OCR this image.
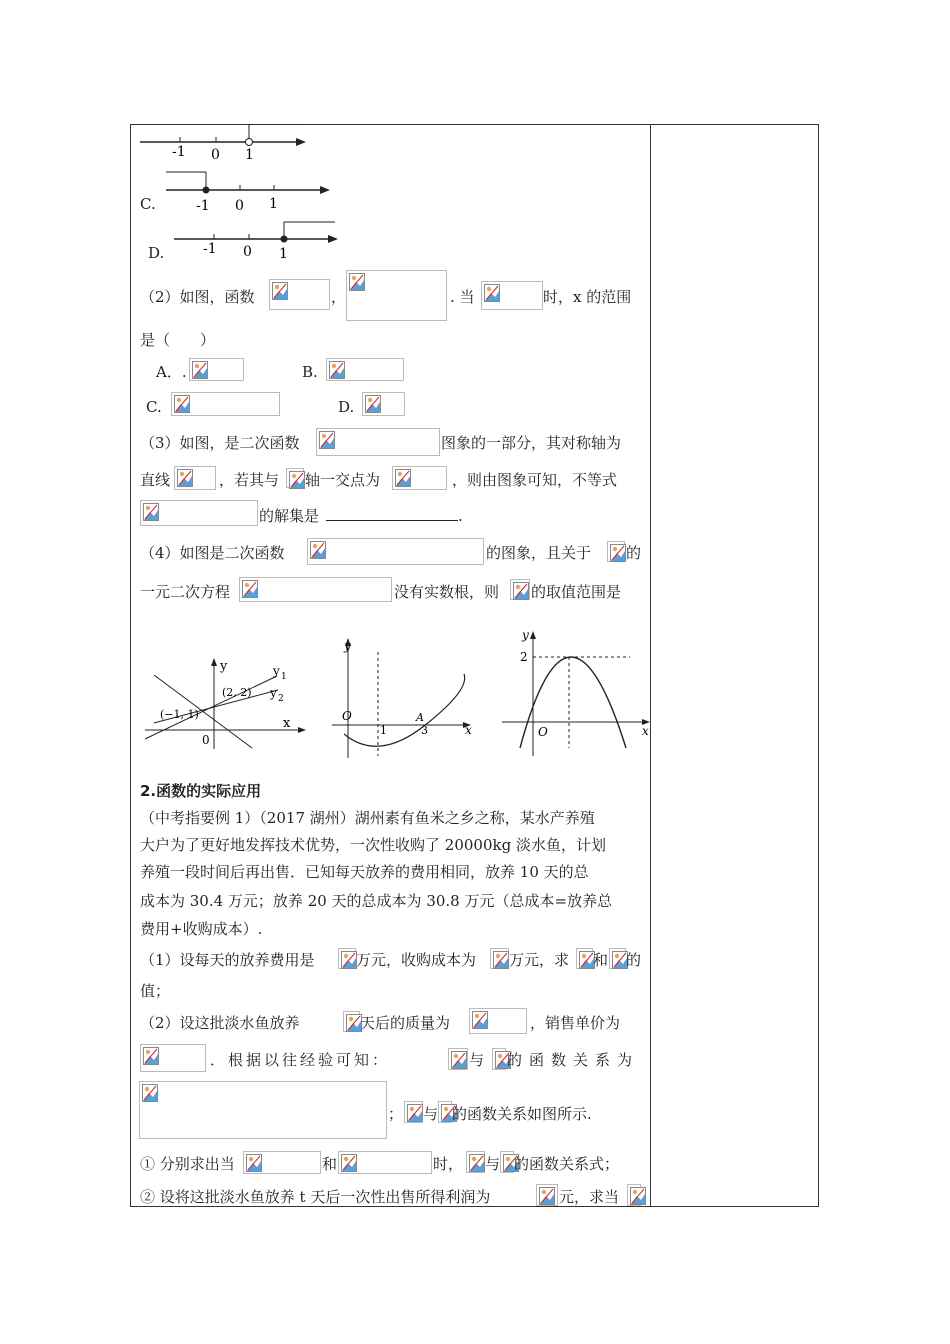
-1 0 1
C.	-1 0 1
D.	-1 0 1
（2）如图，函数	，	. 当	时，x 的范围
是（　　）
A．.	B.
C.	D.
（3）如图，是二次函数	图象的一部分，其对称轴为
直线	，若其与 轴一交点为	，则由图象可知，不等式
的解集是	.
（4）如图是二次函数	的图象，且关于 的
一元二次方程	没有实数根，则 的取值范围是
y
x
0
(2, 2)
(−1, 1)
y 1
y 2
y
x
O
1	3
A
y
x
O
2
2.函数的实际应用
（中考指要例 1）（2017 湖州）湖州素有鱼米之乡之称，某水产养殖
大户为了更好地发挥技术优势，一次性收购了 20000kg 淡水鱼，计划
养殖一段时间后再出售．已知每天放养的费用相同，放养 10 天的总
成本为 30.4 万元；放养 20 天的总成本为 30.8 万元（总成本=放养总
费用+收购成本）.
（1）设每天的放养费用是	万元，收购成本为 万元，求 和 的
值；
（2）设这批淡水鱼放养	天后的质量为	，销售单价为
．根据以往经验可知：	与 的函数关系为
； 与 的函数关系如图所示.
① 分别求出当	和	时， 与 的函数关系式；
② 设将这批淡水鱼放养 t 天后一次性出售所得利润为	元，求当
